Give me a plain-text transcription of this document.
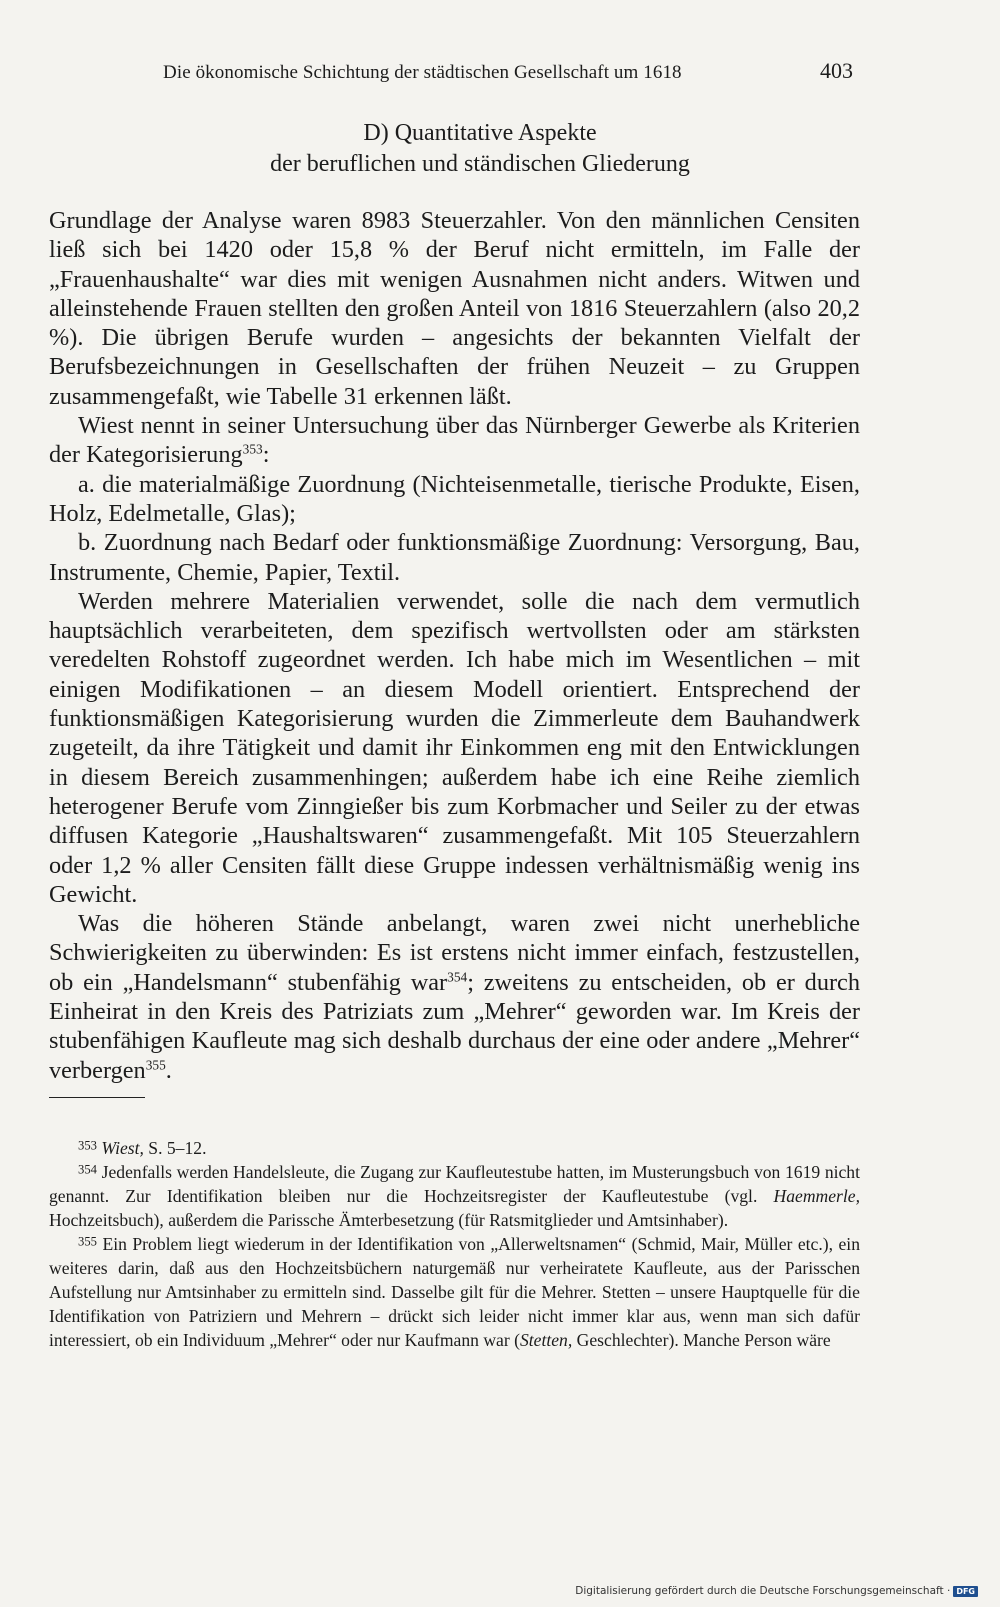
Die ökonomische Schichtung der städtischen Gesellschaft um 1618	403
D) Quantitative Aspekte
der beruflichen und ständischen Gliederung

Grundlage der Analyse waren 8983 Steuerzahler. Von den männlichen Censiten ließ sich bei 1420 oder 15,8 % der Beruf nicht ermitteln, im Falle der „Frauenhaushalte“ war dies mit wenigen Ausnahmen nicht anders. Witwen und alleinstehende Frauen stellten den großen Anteil von 1816 Steuerzahlern (also 20,2 %). Die übrigen Berufe wurden – angesichts der bekannten Vielfalt der Berufsbezeichnungen in Gesellschaften der frühen Neuzeit – zu Gruppen zusammengefaßt, wie Tabelle 31 erkennen läßt.

Wiest nennt in seiner Untersuchung über das Nürnberger Gewerbe als Kriterien der Kategorisierung$^{353}$:

a. die materialmäßige Zuordnung (Nichteisenmetalle, tierische Produkte, Eisen, Holz, Edelmetalle, Glas);

b. Zuordnung nach Bedarf oder funktionsmäßige Zuordnung: Versorgung, Bau, Instrumente, Chemie, Papier, Textil.

Werden mehrere Materialien verwendet, solle die nach dem vermutlich hauptsächlich verarbeiteten, dem spezifisch wertvollsten oder am stärksten veredelten Rohstoff zugeordnet werden. Ich habe mich im Wesentlichen – mit einigen Modifikationen – an diesem Modell orientiert. Entsprechend der funktionsmäßigen Kategorisierung wurden die Zimmerleute dem Bauhandwerk zugeteilt, da ihre Tätigkeit und damit ihr Einkommen eng mit den Entwicklungen in diesem Bereich zusammenhingen; außerdem habe ich eine Reihe ziemlich heterogener Berufe vom Zinngießer bis zum Korbmacher und Seiler zu der etwas diffusen Kategorie „Haushaltswaren“ zusammengefaßt. Mit 105 Steuerzahlern oder 1,2 % aller Censiten fällt diese Gruppe indessen verhältnismäßig wenig ins Gewicht.

Was die höheren Stände anbelangt, waren zwei nicht unerhebliche Schwierigkeiten zu überwinden: Es ist erstens nicht immer einfach, festzustellen, ob ein „Handelsmann“ stubenfähig war$^{354}$; zweitens zu entscheiden, ob er durch Einheirat in den Kreis des Patriziats zum „Mehrer“ geworden war. Im Kreis der stubenfähigen Kaufleute mag sich deshalb durchaus der eine oder andere „Mehrer“ verbergen$^{355}$.

$^{353}$ Wiest, S. 5–12.

$^{354}$ Jedenfalls werden Handelsleute, die Zugang zur Kaufleutestube hatten, im Musterungsbuch von 1619 nicht genannt. Zur Identifikation bleiben nur die Hochzeitsregister der Kaufleutestube (vgl. Haemmerle, Hochzeitsbuch), außerdem die Parissche Ämterbesetzung (für Ratsmitglieder und Amtsinhaber).

$^{355}$ Ein Problem liegt wiederum in der Identifikation von „Allerweltsnamen“ (Schmid, Mair, Müller etc.), ein weiteres darin, daß aus den Hochzeitsbüchern naturgemäß nur verheiratete Kaufleute, aus der Parisschen Aufstellung nur Amtsinhaber zu ermitteln sind. Dasselbe gilt für die Mehrer. Stetten – unsere Hauptquelle für die Identifikation von Patriziern und Mehrern – drückt sich leider nicht immer klar aus, wenn man sich dafür interessiert, ob ein Individuum „Mehrer“ oder nur Kaufmann war (Stetten, Geschlechter). Manche Person wäre

Digitalisierung gefördert durch die Deutsche Forschungsgemeinschaft · DFG
